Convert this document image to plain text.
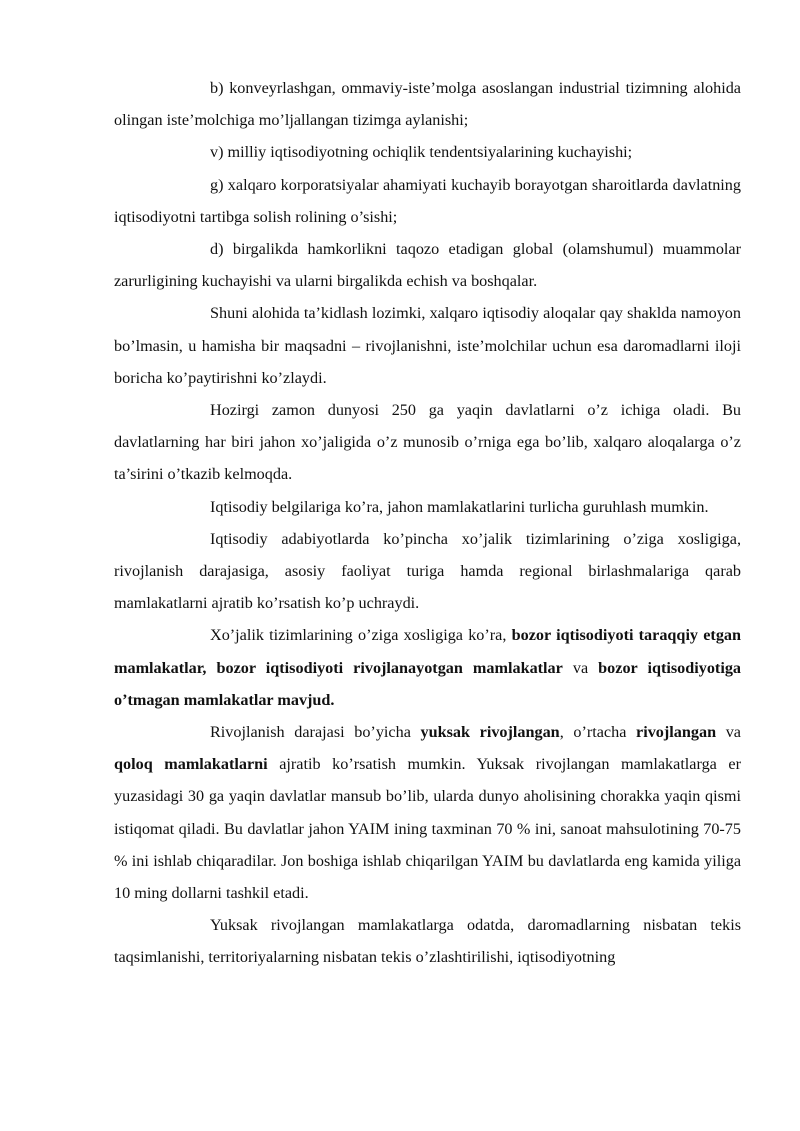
b) konveyrlashgan, ommaviy-iste’molga asoslangan industrial tizimning alohida olingan iste’molchiga mo’ljallangan tizimga aylanishi;

v) milliy iqtisodiyotning ochiqlik tendentsiyalarining kuchayishi;

g) xalqaro korporatsiyalar ahamiyati kuchayib borayotgan sharoitlarda davlatning iqtisodiyotni tartibga solish rolining o’sishi;

d) birgalikda hamkorlikni taqozo etadigan global (olamshumul) muammolar zarurligining kuchayishi va ularni birgalikda echish va boshqalar.

Shuni alohida ta’kidlash lozimki, xalqaro iqtisodiy aloqalar qay shaklda namoyon bo’lmasin, u hamisha bir maqsadni – rivojlanishni, iste’molchilar uchun esa daromadlarni iloji boricha ko’paytirishni ko’zlaydi.

Hozirgi zamon dunyosi 250 ga yaqin davlatlarni o’z ichiga oladi. Bu davlatlarning har biri jahon xo’jaligida o’z munosib o’rniga ega bo’lib, xalqaro aloqalarga o’z ta’sirini o’tkazib kelmoqda.

Iqtisodiy belgilariga ko’ra, jahon mamlakatlarini turlicha guruhlash mumkin.

Iqtisodiy adabiyotlarda ko’pincha xo’jalik tizimlarining o’ziga xosligiga, rivojlanish darajasiga, asosiy faoliyat turiga hamda regional birlashmalariga qarab mamlakatlarni ajratib ko’rsatish ko’p uchraydi.

Xo’jalik tizimlarining o’ziga xosligiga ko’ra, bozor iqtisodiyoti taraqqiy etgan mamlakatlar, bozor iqtisodiyoti rivojlanayotgan mamlakatlar va bozor iqtisodiyotiga o’tmagan mamlakatlar mavjud.

Rivojlanish darajasi bo’yicha yuksak rivojlangan, o’rtacha rivojlangan va qoloq mamlakatlarni ajratib ko’rsatish mumkin. Yuksak rivojlangan mamlakatlarga er yuzasidagi 30 ga yaqin davlatlar mansub bo’lib, ularda dunyo aholisining chorakka yaqin qismi istiqomat qiladi. Bu davlatlar jahon YAIM ining taxminan 70 % ini, sanoat mahsulotining 70-75 % ini ishlab chiqaradilar. Jon boshiga ishlab chiqarilgan YAIM bu davlatlarda eng kamida yiliga 10 ming dollarni tashkil etadi.

Yuksak rivojlangan mamlakatlarga odatda, daromadlarning nisbatan tekis taqsimlanishi, territoriyalarning nisbatan tekis o’zlashtirilishi, iqtisodiyotning
